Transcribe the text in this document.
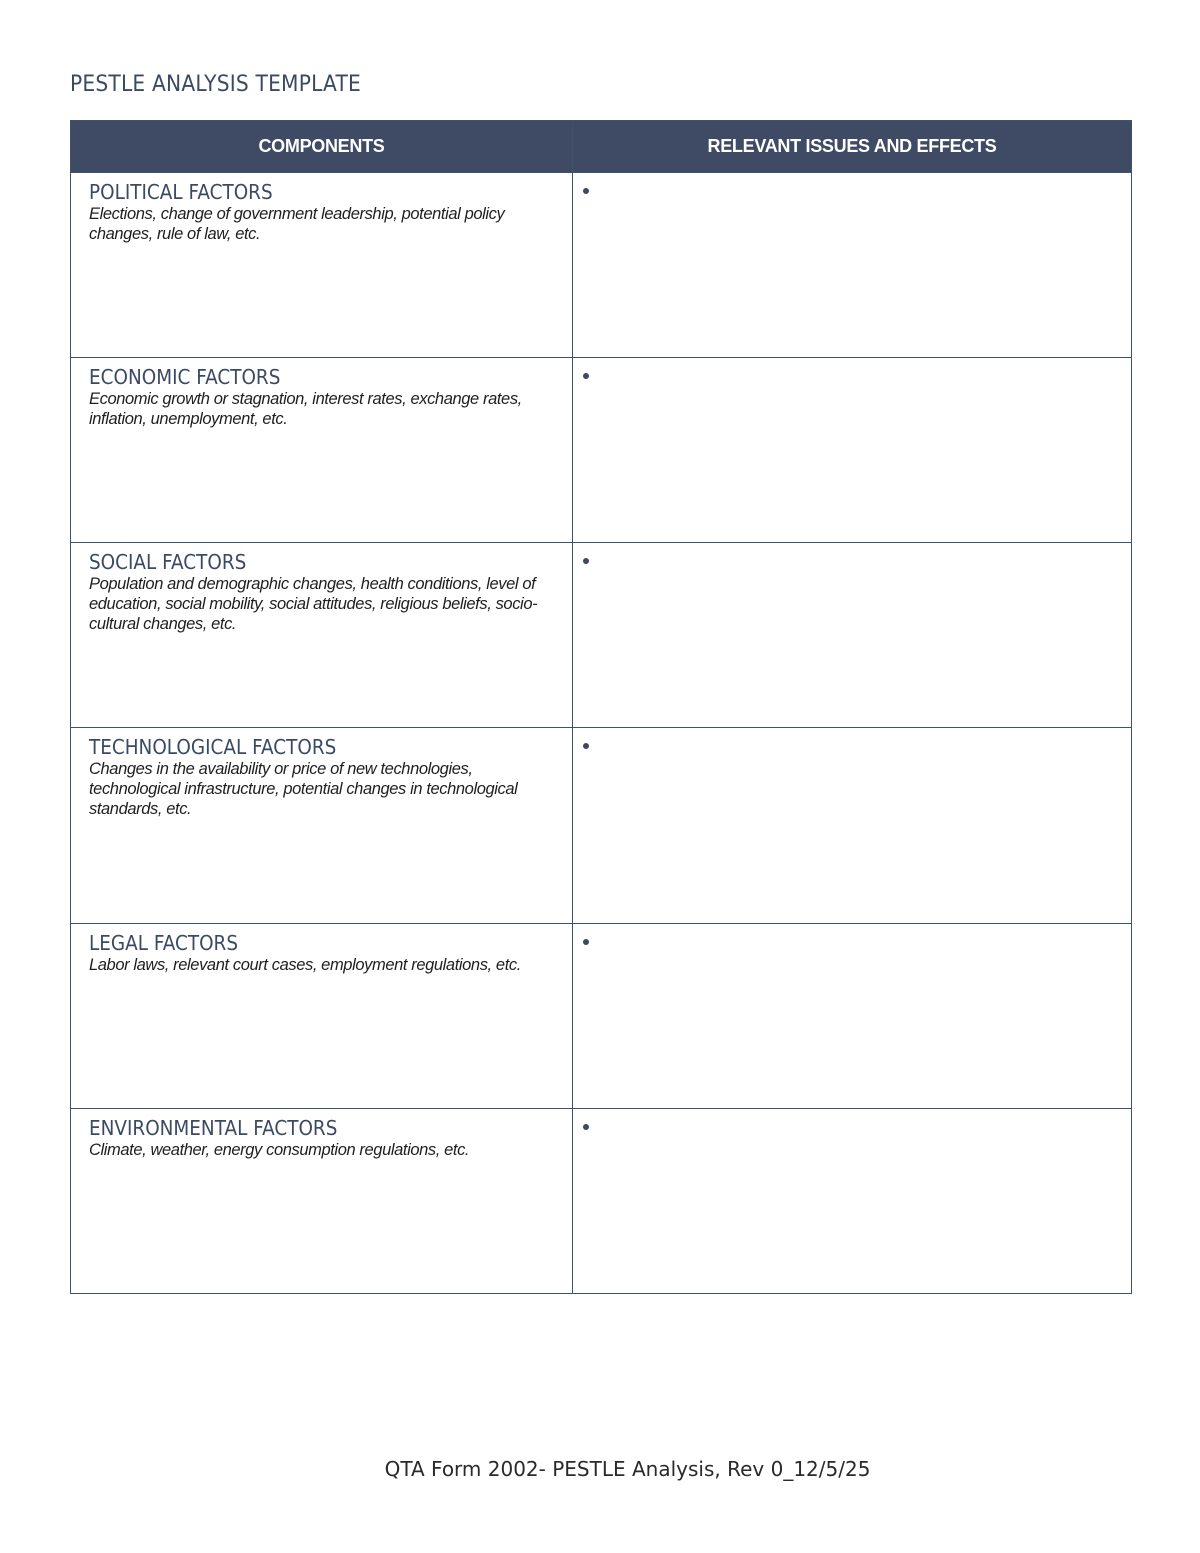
PESTLE ANALYSIS TEMPLATE
COMPONENTS	RELEVANT ISSUES AND EFFECTS

POLITICAL FACTORS
Elections, change of government leadership, potential policy changes, rule of law, etc.	

ECONOMIC FACTORS
Economic growth or stagnation, interest rates, exchange rates, inflation, unemployment, etc.	

SOCIAL FACTORS
Population and demographic changes, health conditions, level of education, social mobility, social attitudes, religious beliefs, socio-cultural changes, etc.	

TECHNOLOGICAL FACTORS
Changes in the availability or price of new technologies, technological infrastructure, potential changes in technological standards, etc.	

LEGAL FACTORS
Labor laws, relevant court cases, employment regulations, etc.	

ENVIRONMENTAL FACTORS
Climate, weather, energy consumption regulations, etc.	

QTA Form 2002- PESTLE Analysis, Rev 0_12/5/25
